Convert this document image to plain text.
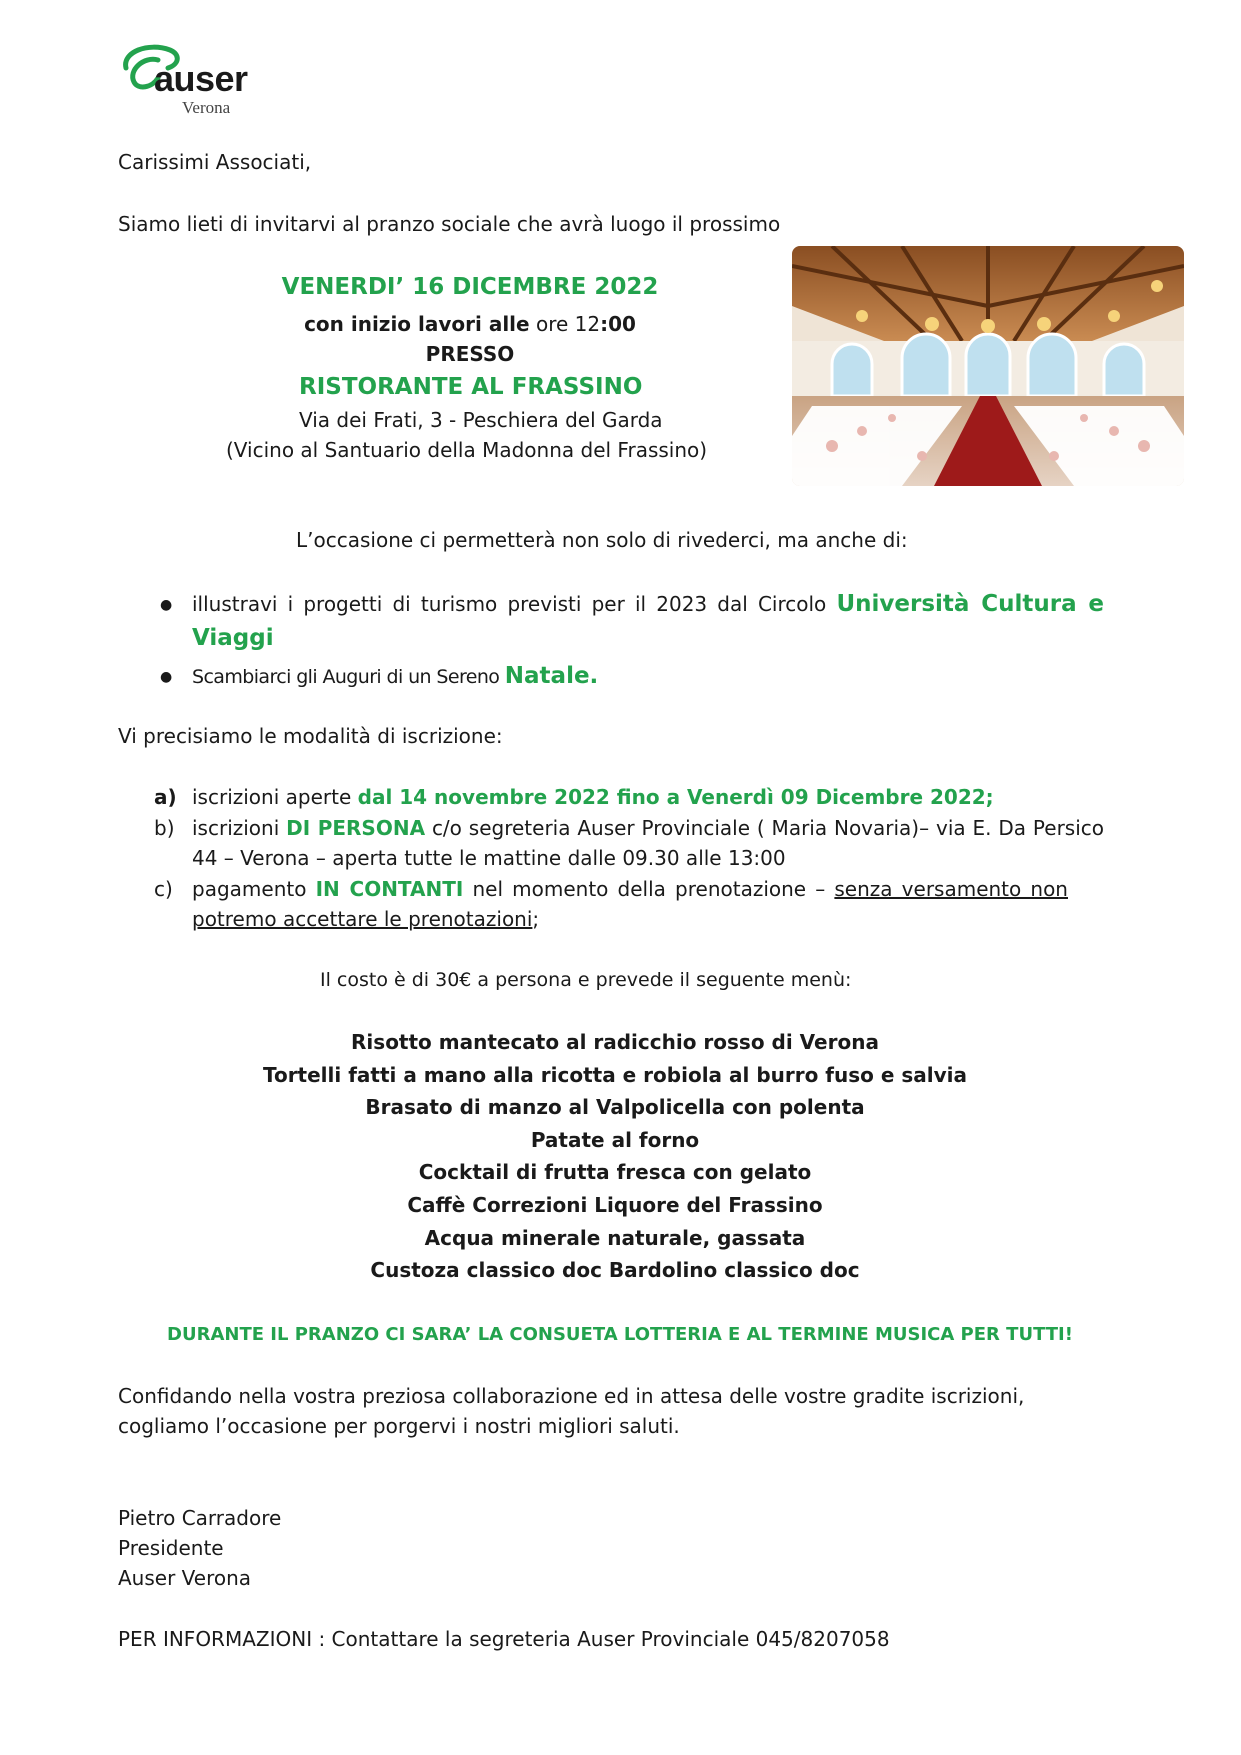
auser
Verona
Carissimi Associati,
Siamo lieti di invitarvi al pranzo sociale che avrà luogo il prossimo
VENERDI’ 16 DICEMBRE 2022
con inizio lavori alle ore 12:00
PRESSO
RISTORANTE AL FRASSINO
Via dei Frati, 3 - Peschiera del Garda
(Vicino al Santuario della Madonna del Frassino)
L’occasione ci permetterà non solo di rivederci, ma anche di:
● illustravi i progetti di turismo previsti per il 2023 dal Circolo Università Cultura e
Viaggi
● Scambiarci gli Auguri di un Sereno Natale.
Vi precisiamo le modalità di iscrizione:
a) iscrizioni aperte dal 14 novembre 2022 fino a Venerdì 09 Dicembre 2022;
b) iscrizioni DI PERSONA c/o segreteria Auser Provinciale ( Maria Novaria)– via E. Da Persico
44 – Verona – aperta tutte le mattine dalle 09.30 alle 13:00
c) pagamento IN CONTANTI nel momento della prenotazione – senza versamento non
potremo accettare le prenotazioni;
Il costo è di 30€ a persona e prevede il seguente menù:
Risotto mantecato al radicchio rosso di Verona
Tortelli fatti a mano alla ricotta e robiola al burro fuso e salvia
Brasato di manzo al Valpolicella con polenta
Patate al forno
Cocktail di frutta fresca con gelato
Caffè Correzioni Liquore del Frassino
Acqua minerale naturale, gassata
Custoza classico doc Bardolino classico doc
DURANTE IL PRANZO CI SARA’ LA CONSUETA LOTTERIA E AL TERMINE MUSICA PER TUTTI!
Confidando nella vostra preziosa collaborazione ed in attesa delle vostre gradite iscrizioni,
cogliamo l’occasione per porgervi i nostri migliori saluti.
Pietro Carradore
Presidente
Auser Verona
PER INFORMAZIONI : Contattare la segreteria Auser Provinciale 045/8207058
